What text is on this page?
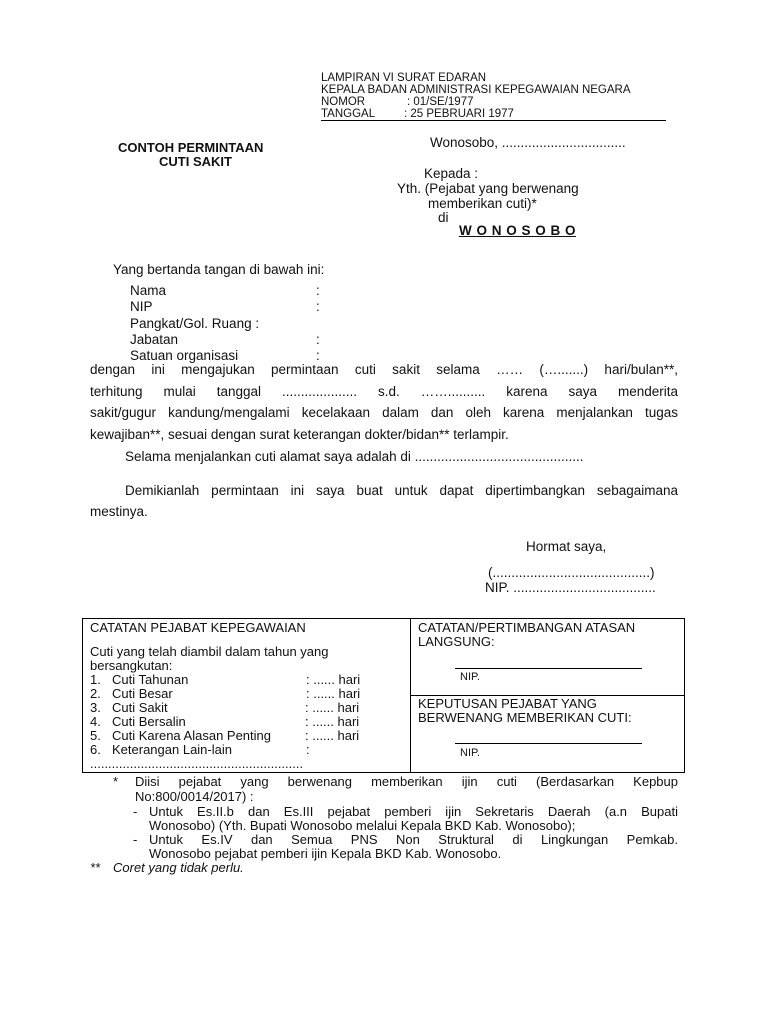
LAMPIRAN VI SURAT EDARAN
KEPALA BADAN ADMINISTRASI KEPEGAWAIAN NEGARA
NOMOR	: 01/SE/1977
TANGGAL	: 25 PEBRUARI 1977
CONTOH PERMINTAAN
CUTI SAKIT
Wonosobo, .................................
Kepada :
Yth. (Pejabat yang berwenang
memberikan cuti)*
di
W O N O S O B O
Yang bertanda tangan di bawah ini:
Nama	:
NIP	:
Pangkat/Gol. Ruang :
Jabatan	:
Satuan organisasi	:
dengan ini mengajukan permintaan cuti sakit selama …… (….......) hari/bulan**,
terhitung mulai tanggal .................... s.d. …….......... karena saya menderita
sakit/gugur kandung/mengalami kecelakaan dalam dan oleh karena menjalankan tugas
kewajiban**, sesuai dengan surat keterangan dokter/bidan** terlampir.
Selama menjalankan cuti alamat saya adalah di .............................................
Demikianlah permintaan ini saya buat untuk dapat dipertimbangkan sebagaimana
mestinya.
Hormat saya,
(..........................................)
NIP. ......................................
CATATAN PEJABAT KEPEGAWAIAN
Cuti yang telah diambil dalam tahun yang
bersangkutan:
1. Cuti Tahunan	: ...... hari
2. Cuti Besar	: ...... hari
3. Cuti Sakit	: ...... hari
4. Cuti Bersalin	: ...... hari
5. Cuti Karena Alasan Penting	: ...... hari
6. Keterangan Lain-lain	:
...........................................................
CATATAN/PERTIMBANGAN ATASAN
LANGSUNG:
NIP.
KEPUTUSAN PEJABAT YANG
BERWENANG MEMBERIKAN CUTI:
NIP.
* Diisi pejabat yang berwenang memberikan ijin cuti (Berdasarkan Kepbup
No:800/0014/2017) :
- Untuk Es.II.b dan Es.III pejabat pemberi ijin Sekretaris Daerah (a.n Bupati
Wonosobo) (Yth. Bupati Wonosobo melalui Kepala BKD Kab. Wonosobo);
- Untuk Es.IV dan Semua PNS Non Struktural di Lingkungan Pemkab.
Wonosobo pejabat pemberi ijin Kepala BKD Kab. Wonosobo.
** Coret yang tidak perlu.
